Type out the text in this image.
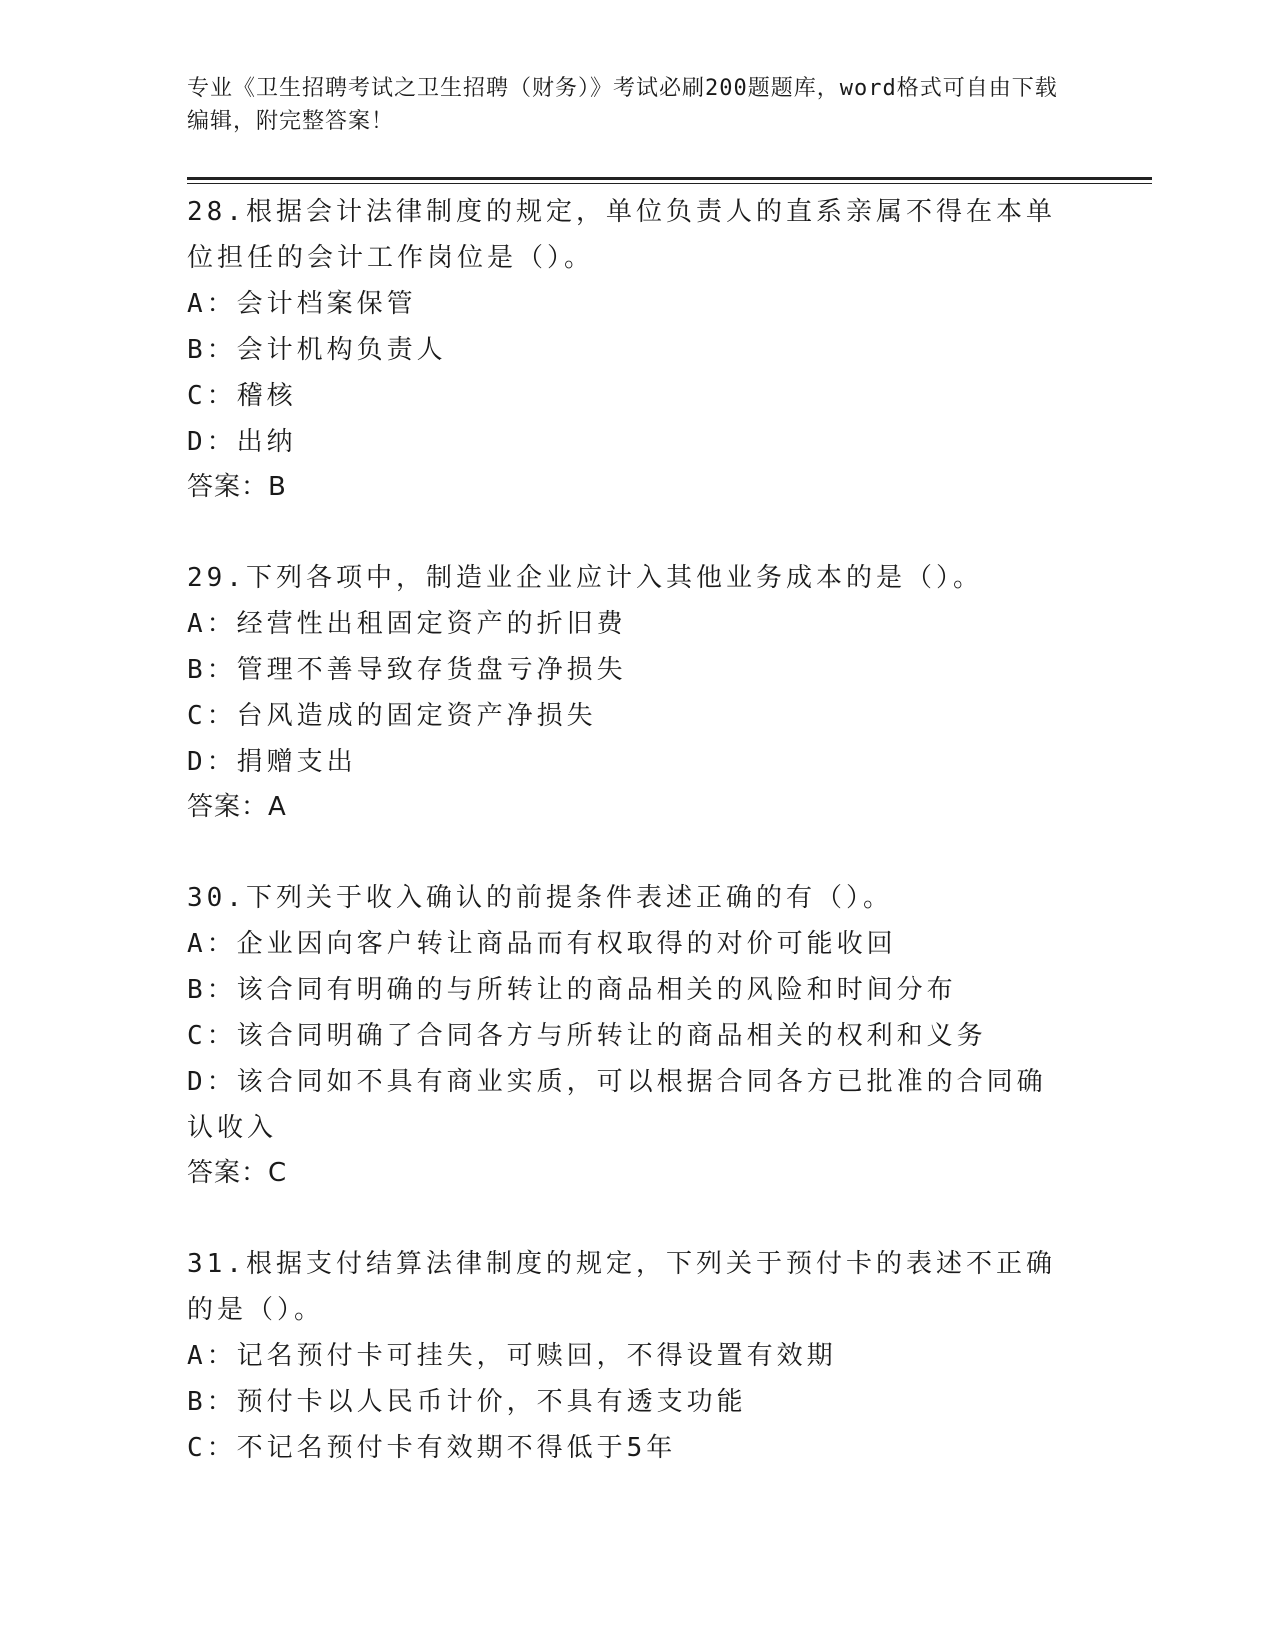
专业《卫生招聘考试之卫生招聘（财务）》考试必刷200题题库，word格式可自由下载编辑，附完整答案！
28.根据会计法律制度的规定，单位负责人的直系亲属不得在本单位担任的会计工作岗位是（）。
A：会计档案保管
B：会计机构负责人
C：稽核
D：出纳
答案：B
29.下列各项中，制造业企业应计入其他业务成本的是（）。
A：经营性出租固定资产的折旧费
B：管理不善导致存货盘亏净损失
C：台风造成的固定资产净损失
D：捐赠支出
答案：A
30.下列关于收入确认的前提条件表述正确的有（）。
A：企业因向客户转让商品而有权取得的对价可能收回
B：该合同有明确的与所转让的商品相关的风险和时间分布
C：该合同明确了合同各方与所转让的商品相关的权利和义务
D：该合同如不具有商业实质，可以根据合同各方已批准的合同确认收入
答案：C
31.根据支付结算法律制度的规定，下列关于预付卡的表述不正确的是（）。
A：记名预付卡可挂失，可赎回，不得设置有效期
B：预付卡以人民币计价，不具有透支功能
C：不记名预付卡有效期不得低于5年
